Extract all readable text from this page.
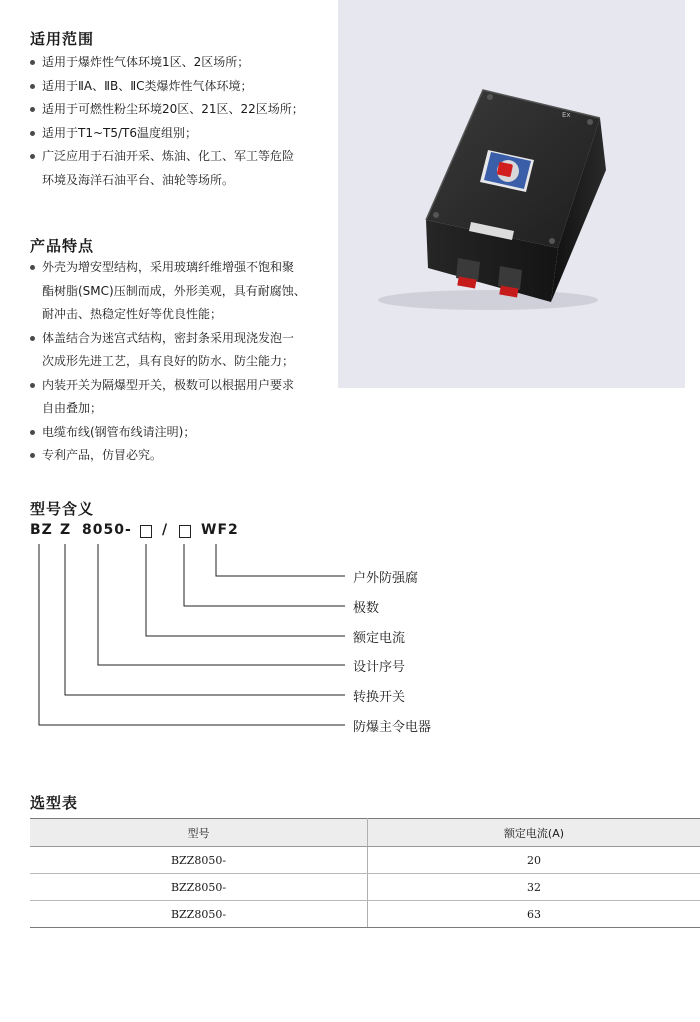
适用范围
适用于爆炸性气体环境1区、2区场所；
适用于ⅡA、ⅡB、ⅡC类爆炸性气体环境；
适用于可燃性粉尘环境20区、21区、22区场所；
适用于T1~T5/T6温度组别；
广泛应用于石油开采、炼油、化工、军工等危险
环境及海洋石油平台、油轮等场所。
产品特点
外壳为增安型结构，采用玻璃纤维增强不饱和聚
酯树脂(SMC)压制而成，外形美观，具有耐腐蚀、
耐冲击、热稳定性好等优良性能；
体盖结合为迷宫式结构，密封条采用现浇发泡一
次成形先进工艺，具有良好的防水、防尘能力；
内装开关为隔爆型开关，极数可以根据用户要求
自由叠加；
电缆布线(钢管布线请注明)；
专利产品，仿冒必究。
Ex
型号含义
BZ Z 8050 - / WF2
户外防强腐
极数
额定电流
设计序号
转换开关
防爆主令电器
选型表
型号	额定电流(A)
BZZ8050-	20
BZZ8050-	32
BZZ8050-	63
